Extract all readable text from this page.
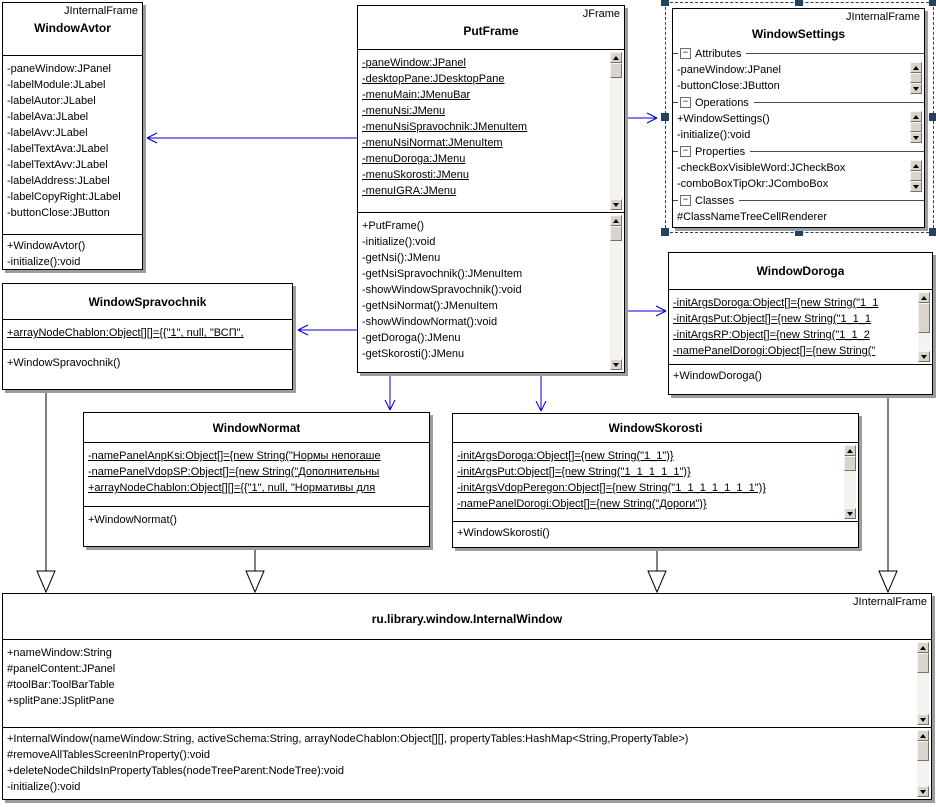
JInternalFrame
WindowAvtor
-paneWindow:JPanel
-labelModule:JLabel
-labelAutor:JLabel
-labelAva:JLabel
-labelAvv:JLabel
-labelTextAva:JLabel
-labelTextAvv:JLabel
-labelAddress:JLabel
-labelCopyRight:JLabel
-buttonClose:JButton
+WindowAvtor()
-initialize():void
JFrame
PutFrame
-paneWindow:JPanel
-desktopPane:JDesktopPane
-menuMain:JMenuBar
-menuNsi:JMenu
-menuNsiSpravochnik:JMenuItem
-menuNsiNormat:JMenuItem
-menuDoroga:JMenu
-menuSkorosti:JMenu
-menuIGRA:JMenu
+PutFrame()
-initialize():void
-getNsi():JMenu
-getNsiSpravochnik():JMenuItem
-showWindowSpravochnik():void
-getNsiNormat():JMenuItem
-showWindowNormat():void
-getDoroga():JMenu
-getSkorosti():JMenu
JInternalFrame
WindowSettings
− Attributes
-paneWindow:JPanel
-buttonClose:JButton
− Operations
+WindowSettings()
-initialize():void
− Properties
-checkBoxVisibleWord:JCheckBox
-comboBoxTipOkr:JComboBox
− Classes
#ClassNameTreeCellRenderer
WindowSpravochnik
+arrayNodeChablon:Object[][]={{"1", null, "ВСП",
+WindowSpravochnik()
WindowDoroga
-initArgsDoroga:Object[]={new String("1_1
-initArgsPut:Object[]={new String("1_1_1
-initArgsRP:Object[]={new String("1_1_2
-namePanelDorogi:Object[]={new String("
+WindowDoroga()
WindowNormat
-namePanelAnpKsi:Object[]={new String("Нормы непогаше
-namePanelVdopSP:Object[]={new String("Дополнительны
+arrayNodeChablon:Object[][]={{"1", null, "Нормативы для
+WindowNormat()
WindowSkorosti
-initArgsDoroga:Object[]={new String("1_1")}
-initArgsPut:Object[]={new String("1_1_1_1_1")}
-initArgsVdopPeregon:Object[]={new String("1_1_1_1_1_1_1")}
-namePanelDorogi:Object[]={new String("Дороги")}
+WindowSkorosti()
JInternalFrame
ru.library.window.InternalWindow
+nameWindow:String
#panelContent:JPanel
#toolBar:ToolBarTable
+splitPane:JSplitPane
+InternalWindow(nameWindow:String, activeSchema:String, arrayNodeChablon:Object[][], propertyTables:HashMap<String,PropertyTable>)
#removeAllTablesScreenInProperty():void
+deleteNodeChildsInPropertyTables(nodeTreeParent:NodeTree):void
-initialize():void
